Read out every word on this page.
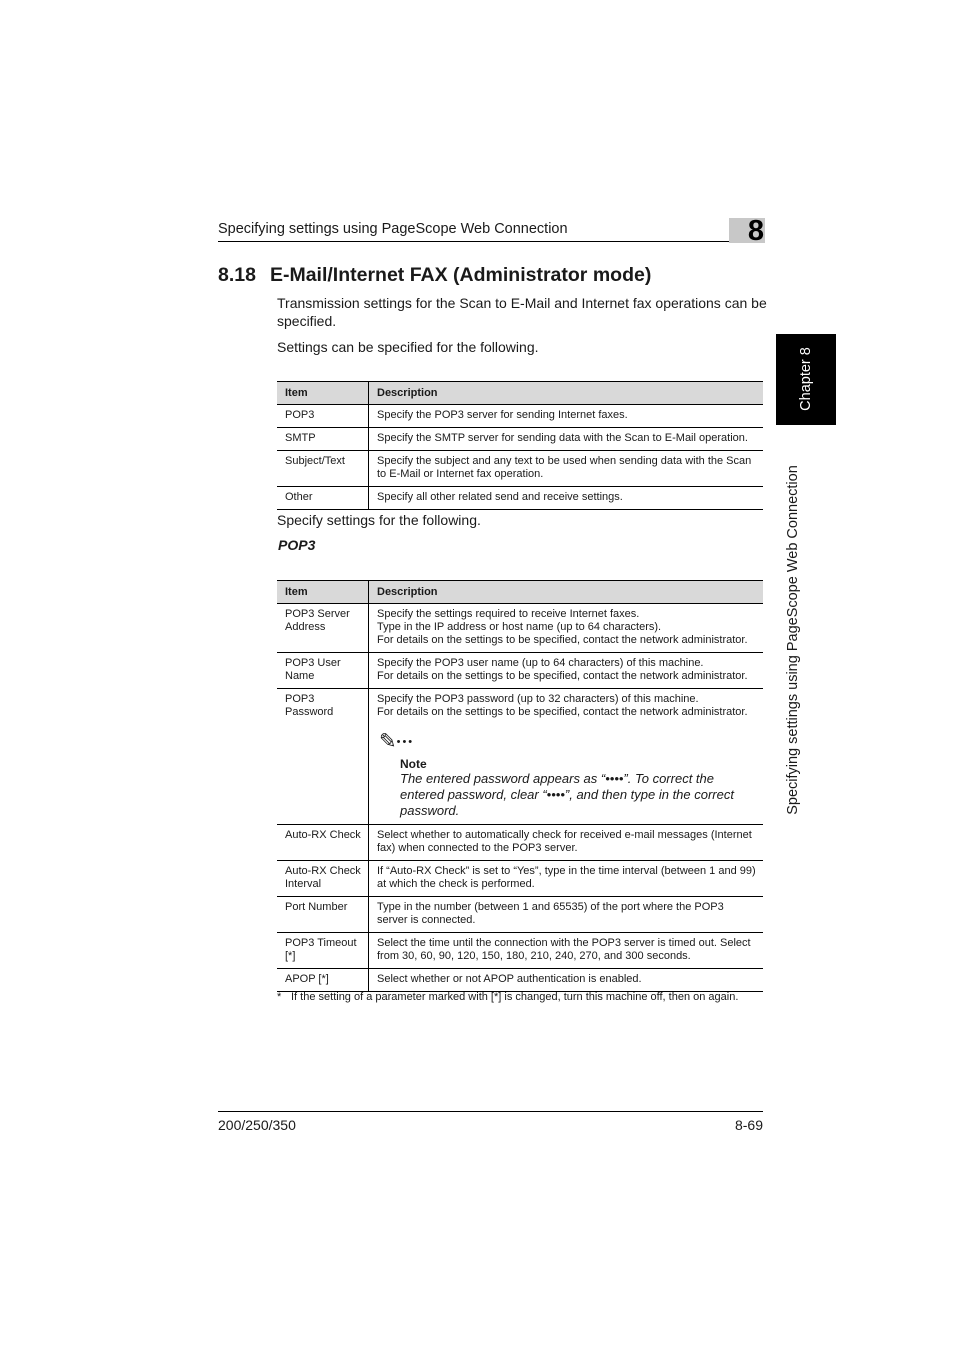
Specifying settings using PageScope Web Connection	8
Chapter 8
Specifying settings using PageScope Web Connection
8.18 E-Mail/Internet FAX (Administrator mode)

Transmission settings for the Scan to E-Mail and Internet fax operations can be specified.

Settings can be specified for the following.

Item	Description
POP3	Specify the POP3 server for sending Internet faxes.
SMTP	Specify the SMTP server for sending data with the Scan to E-Mail operation.
Subject/Text	Specify the subject and any text to be used when sending data with the Scan to E-Mail or Internet fax operation.
Other	Specify all other related send and receive settings.

Specify settings for the following.

POP3
Item	Description
POP3 Server Address	Specify the settings required to receive Internet faxes.
Type in the IP address or host name (up to 64 characters).
For details on the settings to be specified, contact the network administrator.
POP3 User Name	Specify the POP3 user name (up to 64 characters) of this machine.
For details on the settings to be specified, contact the network administrator.
POP3 Password	Specify the POP3 password (up to 32 characters) of this machine.
For details on the settings to be specified, contact the network administrator.
✎•••
Note
The entered password appears as “••••”. To correct the entered password, clear “••••”, and then type in the correct password.

Auto-RX Check	Select whether to automatically check for received e-mail messages (Internet fax) when connected to the POP3 server.
Auto-RX Check Interval	If “Auto-RX Check” is set to “Yes”, type in the time interval (between 1 and 99) at which the check is performed.
Port Number	Type in the number (between 1 and 65535) of the port where the POP3 server is connected.
POP3 Timeout [*]	Select the time until the connection with the POP3 server is timed out. Select from 30, 60, 90, 120, 150, 180, 210, 240, 270, and 300 seconds.
APOP [*]	Select whether or not APOP authentication is enabled.
* If the setting of a parameter marked with [*] is changed, turn this machine off, then on again.
200/250/350	8-69
